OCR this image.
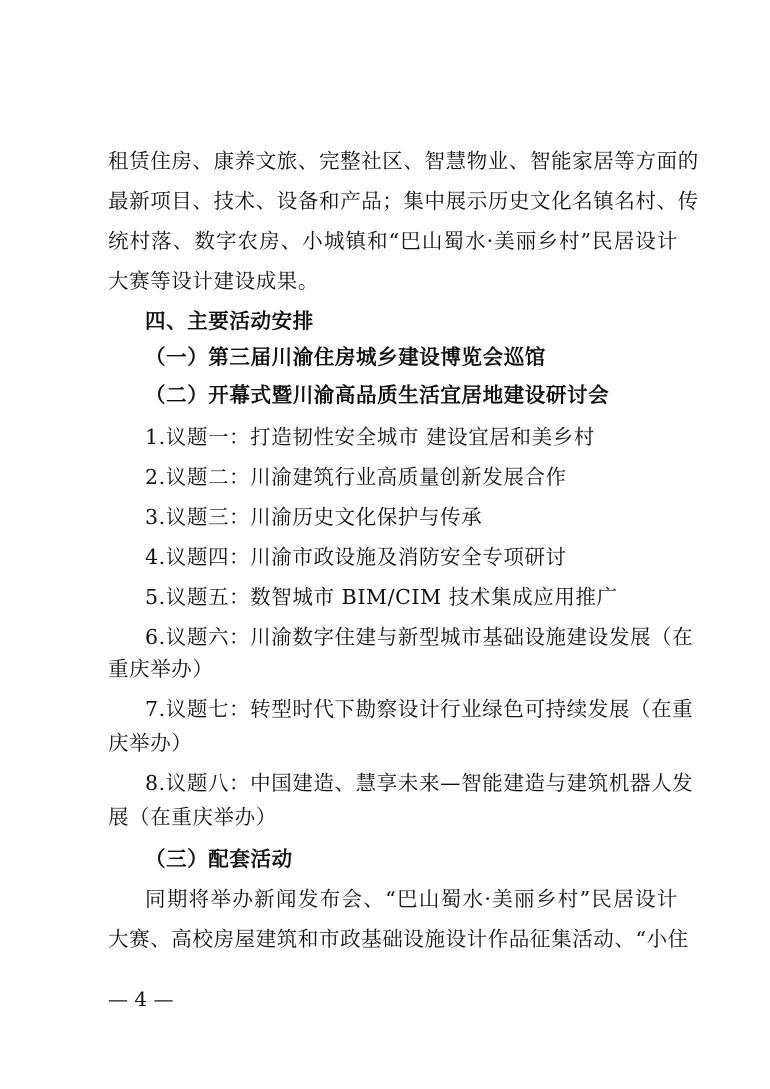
租赁住房、康养文旅、完整社区、智慧物业、智能家居等方面的
最新项目、技术、设备和产品；集中展示历史文化名镇名村、传
统村落、数字农房、小城镇和“巴山蜀水·美丽乡村”民居设计
大赛等设计建设成果。
四、主要活动安排
（一）第三届川渝住房城乡建设博览会巡馆
（二）开幕式暨川渝高品质生活宜居地建设研讨会
1.议题一：打造韧性安全城市 建设宜居和美乡村
2.议题二：川渝建筑行业高质量创新发展合作
3.议题三：川渝历史文化保护与传承
4.议题四：川渝市政设施及消防安全专项研讨
5.议题五：数智城市 BIM/CIM 技术集成应用推广
6.议题六：川渝数字住建与新型城市基础设施建设发展（在
重庆举办）
7.议题七：转型时代下勘察设计行业绿色可持续发展（在重
庆举办）
8.议题八：中国建造、慧享未来—智能建造与建筑机器人发
展（在重庆举办）
（三）配套活动
同期将举办新闻发布会、“巴山蜀水·美丽乡村”民居设计
大赛、高校房屋建筑和市政基础设施设计作品征集活动、“小住
— 4 —
